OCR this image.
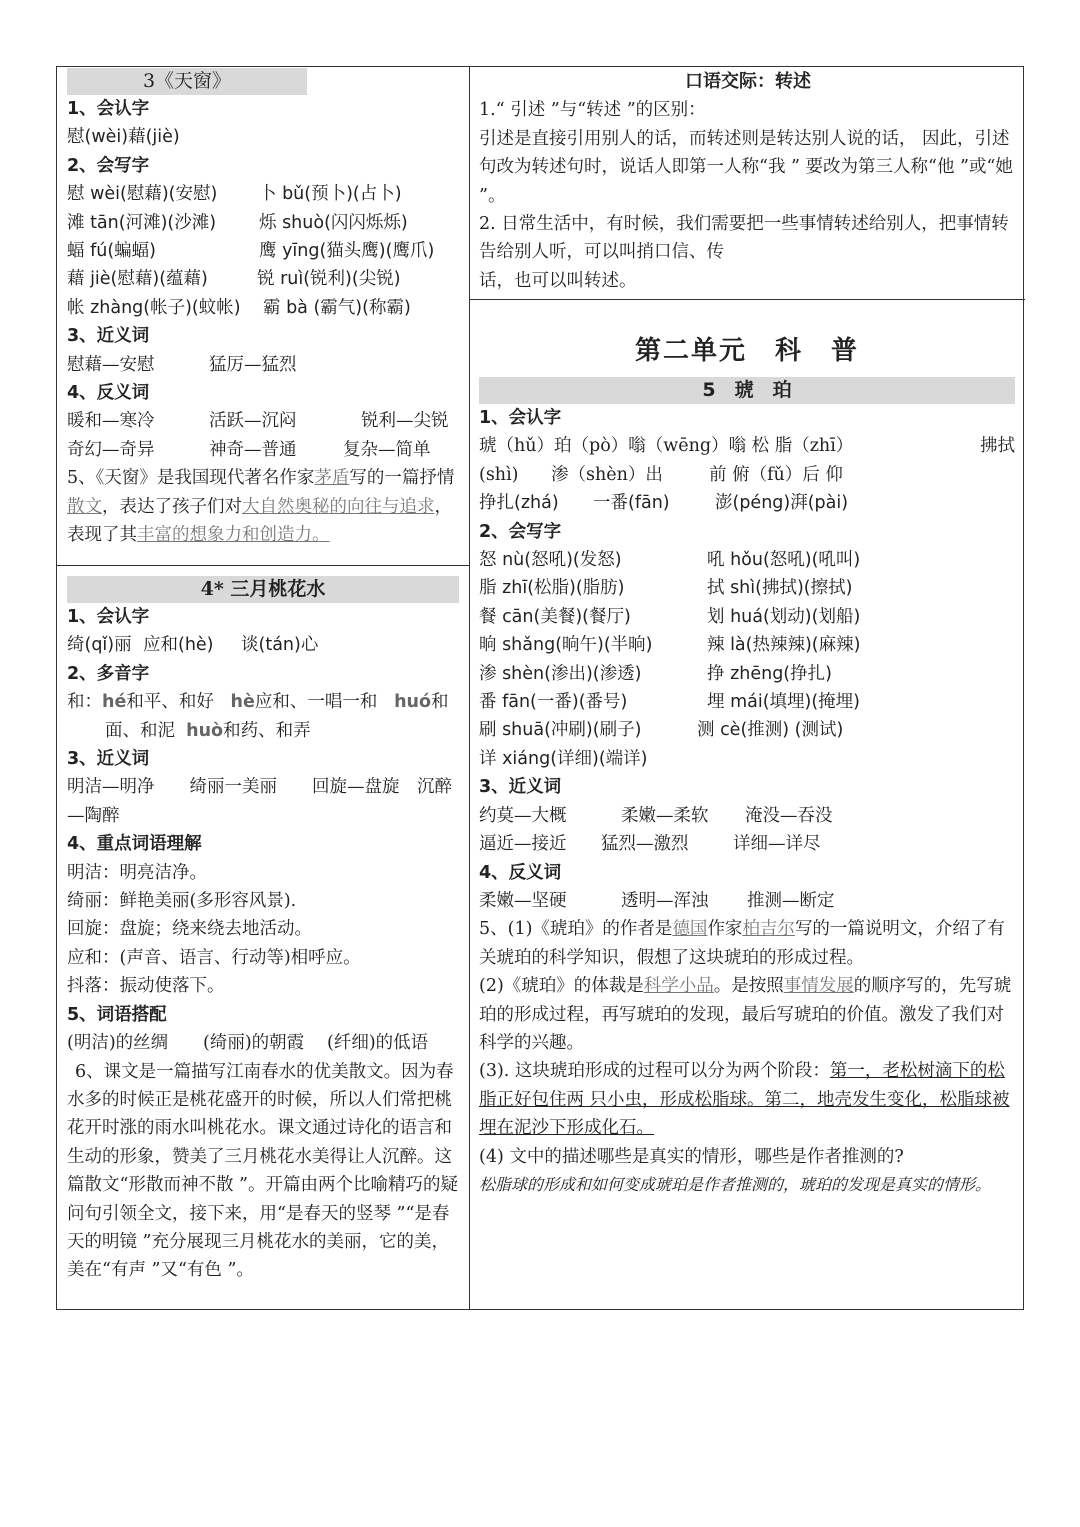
3《天窗》
1、会认字
慰(wèi)藉(jiè)
2、会写字
慰 wèi(慰藉)(安慰) 卜 bǔ(预卜)(占卜)
滩 tān(河滩)(沙滩) 烁 shuò(闪闪烁烁)
蝠 fú(蝙蝠)	鹰 yīng(猫头鹰)(鹰爪)
藉 jiè(慰藉)(蕴藉)	锐 ruì(锐利)(尖锐)
帐 zhàng(帐子)(蚊帐) 霸 bà (霸气)(称霸)
3、近义词
慰藉—安慰	猛厉—猛烈
4、反义词
暖和—寒冷	活跃—沉闷	锐利—尖锐
奇幻—奇异	神奇—普通	复杂—简单
5、《天窗》是我国现代著名作家茅盾写的一篇抒情散文，表达了孩子们对大自然奥秘的向往与追求，表现了其丰富的想象力和创造力。
4* 三月桃花水
1、会认字
绮(qǐ)丽 应和(hè) 谈(tán)心
2、多音字
和：hé和平、和好 hè应和、一唱一和 huó和面、和泥 huò和药、和弄
3、近义词
明洁—明净　　绮丽一美丽　　回旋—盘旋　沉醉—陶醉
4、重点词语理解
明洁：明亮洁净。
绮丽：鲜艳美丽(多形容风景).
回旋：盘旋；绕来绕去地活动。
应和：(声音、语言、行动等)相呼应。
抖落：振动使落下。
5、词语搭配
(明洁)的丝绸 (绮丽)的朝霞 (纤细)的低语
6、课文是一篇描写江南春水的优美散文。因为春水多的时候正是桃花盛开的时候，所以人们常把桃 花开时涨的雨水叫桃花水。课文通过诗化的语言和生动的形象，赞美了三月桃花水美得让人沉醉。这 篇散文“形散而神不散 ”。开篇由两个比喻精巧的疑问句引领全文，接下来，用“是春天的竖琴 ”“是春天的明镜 ”充分展现三月桃花水的美丽，它的美，美在“有声 ”又“有色 ”。
口语交际：转述
1.“ 引述 ”与“转述 ”的区别：
引述是直接引用别人的话，而转述则是转达别人说的话， 因此，引述句改为转述句时，说话人即第一人称“我 ” 要改为第三人称“他 ”或“她 ”。
2. 日常生活中，有时候，我们需要把一些事情转述给别人，把事情转告给别人听，可以叫捎口信、传
话，也可以叫转述。
第二单元　科　普
5　琥　珀
1、会认字
琥（hǔ）珀（pò）嗡（wēng）嗡 松 脂（zhī）	拂拭
(shì) 渗（shèn）出	前 俯（fǔ）后 仰
挣扎(zhá) 一番(fān)	澎(péng)湃(pài)
2、会写字
怒 nù(怒吼)(发怒)	吼 hǒu(怒吼)(吼叫)
脂 zhī(松脂)(脂肪)	拭 shì(拂拭)(擦拭)
餐 cān(美餐)(餐厅)	划 huá(划动)(划船)
晌 shǎng(晌午)(半晌)	辣 là(热辣辣)(麻辣)
渗 shèn(渗出)(渗透)	挣 zhēng(挣扎)
番 fān(一番)(番号)	埋 mái(填埋)(掩埋)
刷 shuā(冲刷)(刷子)	测 cè(推测) (测试)
详 xiáng(详细)(端详)
3、近义词
约莫—大概	柔嫩—柔软 淹没—吞没
逼近—接近 猛烈—激烈	详细—详尽
4、反义词
柔嫩—坚硬	透明—浑浊 推测—断定
5、(1)《琥珀》的作者是德国作家柏吉尔写的一篇说明文，介绍了有关琥珀的科学知识，假想了这块琥珀的形成过程。
(2)《琥珀》的体裁是科学小品。是按照事情发展的顺序写的，先写琥珀的形成过程，再写琥珀的发现，最后写琥珀的价值。激发了我们对科学的兴趣。
(3). 这块琥珀形成的过程可以分为两个阶段：第一，老松树滴下的松脂正好包住两 只小虫，形成松脂球。第二，地壳发生变化，松脂球被埋在泥沙下形成化石。
(4) 文中的描述哪些是真实的情形，哪些是作者推测的?
松脂球的形成和如何变成琥珀是作者推测的，琥珀的发现是真实的情形。
